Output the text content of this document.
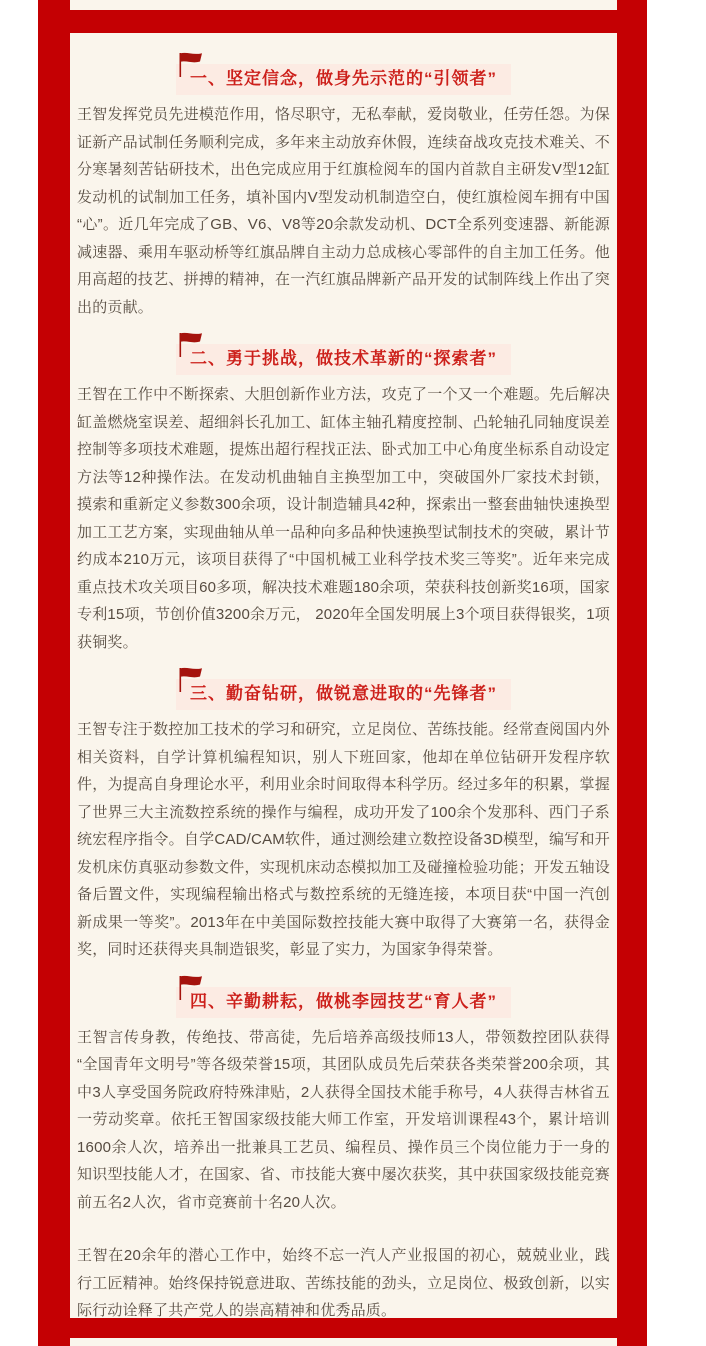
一、坚定信念，做身先示范的“引领者”

王智发挥党员先进模范作用，恪尽职守，无私奉献，爱岗敬业，任劳任怨。为保证新产品试制任务顺利完成，多年来主动放弃休假，连续奋战攻克技术难关、不分寒暑刻苦钻研技术，出色完成应用于红旗检阅车的国内首款自主研发V型12缸发动机的试制加工任务，填补国内V型发动机制造空白，使红旗检阅车拥有中国“心”。近几年完成了GB、V6、V8等20余款发动机、DCT全系列变速器、新能源减速器、乘用车驱动桥等红旗品牌自主动力总成核心零部件的自主加工任务。他用高超的技艺、拼搏的精神，在一汽红旗品牌新产品开发的试制阵线上作出了突出的贡献。

二、勇于挑战，做技术革新的“探索者”

王智在工作中不断探索、大胆创新作业方法，攻克了一个又一个难题。先后解决缸盖燃烧室误差、超细斜长孔加工、缸体主轴孔精度控制、凸轮轴孔同轴度误差控制等多项技术难题，提炼出超行程找正法、卧式加工中心角度坐标系自动设定方法等12种操作法。在发动机曲轴自主换型加工中，突破国外厂家技术封锁，摸索和重新定义参数300余项，设计制造辅具42种，探索出一整套曲轴快速换型加工工艺方案，实现曲轴从单一品种向多品种快速换型试制技术的突破，累计节约成本210万元，该项目获得了“中国机械工业科学技术奖三等奖”。近年来完成重点技术攻关项目60多项，解决技术难题180余项，荣获科技创新奖16项，国家专利15项，节创价值3200余万元， 2020年全国发明展上3个项目获得银奖，1项获铜奖。

三、勤奋钻研，做锐意进取的“先锋者”

王智专注于数控加工技术的学习和研究，立足岗位、苦练技能。经常查阅国内外相关资料，自学计算机编程知识，别人下班回家，他却在单位钻研开发程序软件，为提高自身理论水平，利用业余时间取得本科学历。经过多年的积累，掌握了世界三大主流数控系统的操作与编程，成功开发了100余个发那科、西门子系统宏程序指令。自学CAD/CAM软件，通过测绘建立数控设备3D模型，编写和开发机床仿真驱动参数文件，实现机床动态模拟加工及碰撞检验功能；开发五轴设备后置文件，实现编程输出格式与数控系统的无缝连接，本项目获“中国一汽创新成果一等奖”。2013年在中美国际数控技能大赛中取得了大赛第一名，获得金奖，同时还获得夹具制造银奖，彰显了实力，为国家争得荣誉。

四、辛勤耕耘，做桃李园技艺“育人者”

王智言传身教，传绝技、带高徒，先后培养高级技师13人，带领数控团队获得“全国青年文明号”等各级荣誉15项，其团队成员先后荣获各类荣誉200余项，其中3人享受国务院政府特殊津贴，2人获得全国技术能手称号，4人获得吉林省五一劳动奖章。依托王智国家级技能大师工作室，开发培训课程43个，累计培训1600余人次，培养出一批兼具工艺员、编程员、操作员三个岗位能力于一身的知识型技能人才，在国家、省、市技能大赛中屡次获奖，其中获国家级技能竞赛前五名2人次，省市竞赛前十名20人次。

王智在20余年的潜心工作中，始终不忘一汽人产业报国的初心，兢兢业业，践行工匠精神。始终保持锐意进取、苦练技能的劲头，立足岗位、极致创新，以实际行动诠释了共产党人的崇高精神和优秀品质。
